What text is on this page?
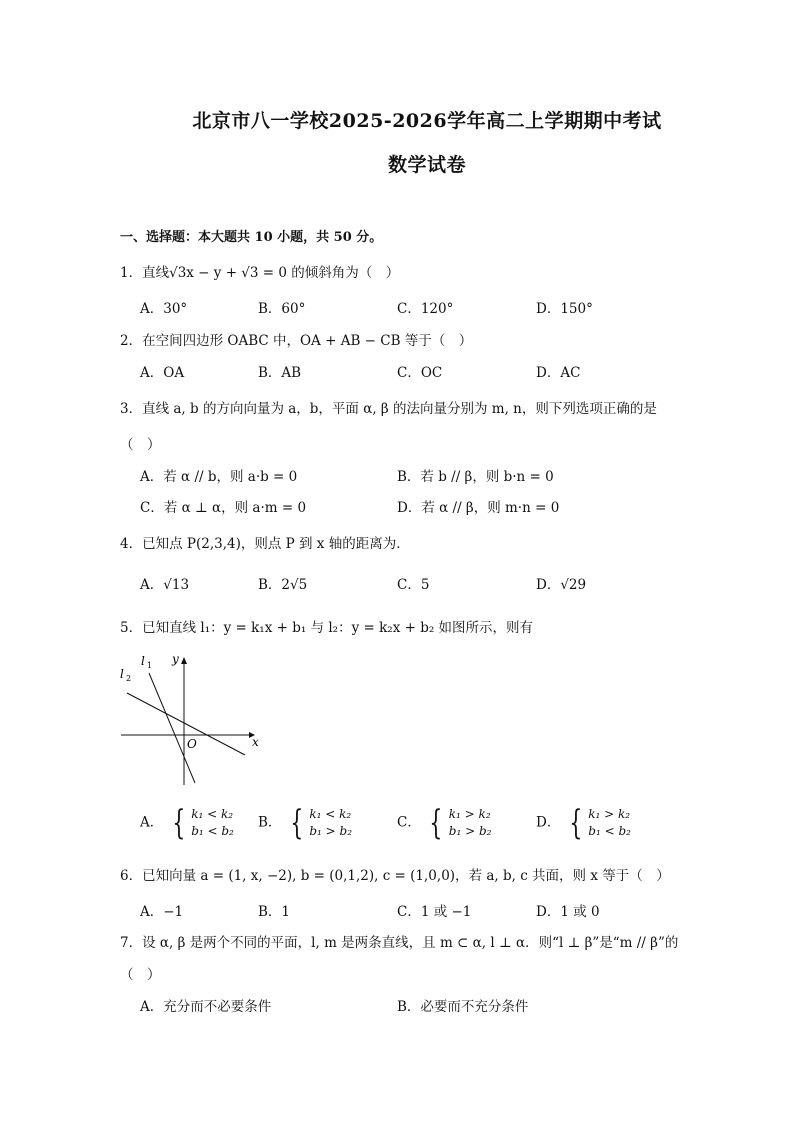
北京市八一学校2025-2026学年高二上学期期中考试
数学试卷
一、选择题：本大题共 10 小题，共 50 分。
1．直线√3x − y + √3 = 0 的倾斜角为（　）
A．30°	B．60°	C．120°	D．150°
2．在空间四边形 OABC 中，OA + AB − CB 等于（　）
A．OA	B．AB	C．OC	D．AC
3．直线 a, b 的方向向量为 a，b，平面 α, β 的法向量分别为 m, n，则下列选项正确的是
（　）
A．若 α // b，则 a·b = 0	B．若 b // β，则 b·n = 0
C．若 α ⊥ α，则 a·m = 0	D．若 α // β，则 m·n = 0
4．已知点 P(2,3,4)，则点 P 到 x 轴的距离为．
A．√13	B．2√5	C．5	D．√29
5．已知直线 l₁：y = k₁x + b₁ 与 l₂：y = k₂x + b₂ 如图所示，则有
l 1
l 2
y
x
O
A． { k₁ < k₂
b₁ < b₂
B． { k₁ < k₂
b₁ > b₂
C． { k₁ > k₂
b₁ > b₂
D． { k₁ > k₂
b₁ < b₂
6．已知向量 a = (1, x, −2), b = (0,1,2), c = (1,0,0)，若 a, b, c 共面，则 x 等于（　）
A．−1	B．1	C．1 或 −1	D．1 或 0
7．设 α, β 是两个不同的平面，l, m 是两条直线，且 m ⊂ α, l ⊥ α．则“l ⊥ β”是“m // β”的
（　）
A．充分而不必要条件	B．必要而不充分条件
